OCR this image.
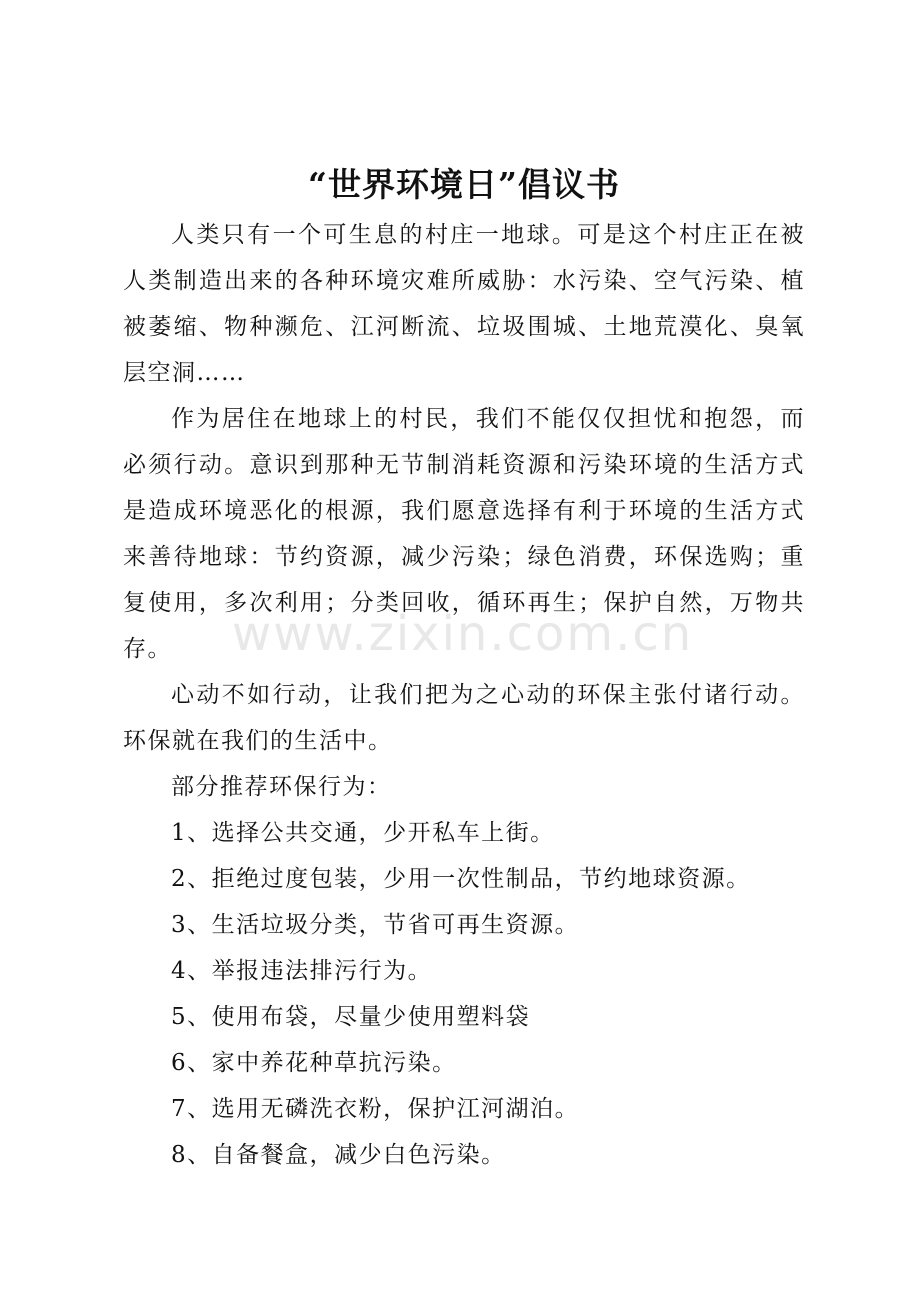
www.zixin.com.cn
“世界环境日”倡议书

人类只有一个可生息的村庄一地球。可是这个村庄正在被人类制造出来的各种环境灾难所威胁：水污染、空气污染、植被萎缩、物种濒危、江河断流、垃圾围城、土地荒漠化、臭氧层空洞……

作为居住在地球上的村民，我们不能仅仅担忧和抱怨，而必须行动。意识到那种无节制消耗资源和污染环境的生活方式是造成环境恶化的根源，我们愿意选择有利于环境的生活方式来善待地球：节约资源，减少污染；绿色消费，环保选购；重复使用，多次利用；分类回收，循环再生；保护自然，万物共存。

心动不如行动，让我们把为之心动的环保主张付诸行动。环保就在我们的生活中。

部分推荐环保行为：

1、选择公共交通，少开私车上街。

2、拒绝过度包装，少用一次性制品，节约地球资源。

3、生活垃圾分类，节省可再生资源。

4、举报违法排污行为。

5、使用布袋，尽量少使用塑料袋

6、家中养花种草抗污染。

7、选用无磷洗衣粉，保护江河湖泊。

8、自备餐盒，减少白色污染。
